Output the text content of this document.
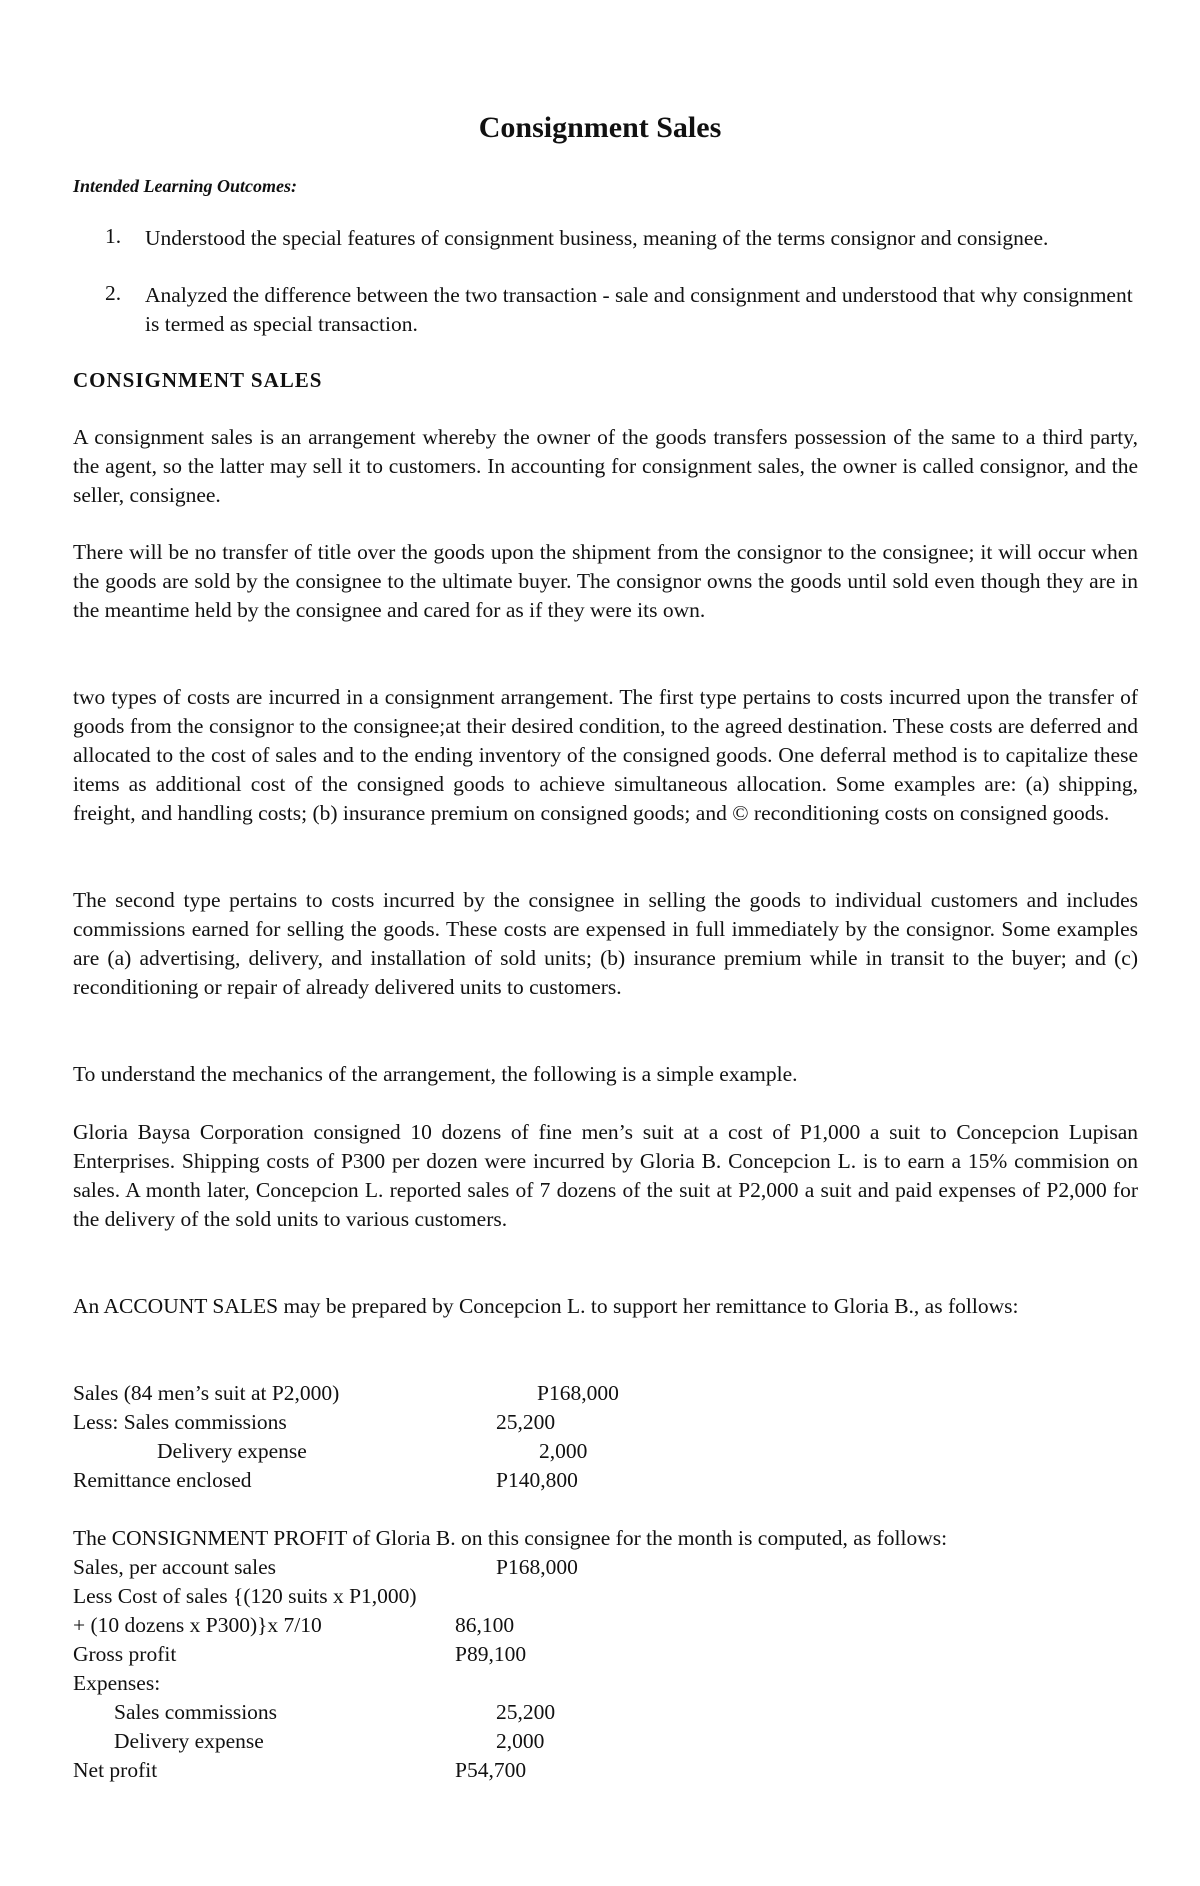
Consignment Sales

Intended Learning Outcomes:

1. Understood the special features of consignment business, meaning of the terms consignor and consignee.
2. Analyzed the difference between the two transaction - sale and consignment and understood that why consignment is termed as special transaction.

CONSIGNMENT SALES

A consignment sales is an arrangement whereby the owner of the goods transfers possession of the same to a third party, the agent, so the latter may sell it to customers. In accounting for consignment sales, the owner is called consignor, and the seller, consignee.

There will be no transfer of title over the goods upon the shipment from the consignor to the consignee; it will occur when the goods are sold by the consignee to the ultimate buyer. The consignor owns the goods until sold even though they are in the meantime held by the consignee and cared for as if they were its own.

two types of costs are incurred in a consignment arrangement. The first type pertains to costs incurred upon the transfer of goods from the consignor to the consignee;at their desired condition, to the agreed destination. These costs are deferred and allocated to the cost of sales and to the ending inventory of the consigned goods. One deferral method is to capitalize these items as additional cost of the consigned goods to achieve simultaneous allocation. Some examples are: (a) shipping, freight, and handling costs; (b) insurance premium on consigned goods; and © reconditioning costs on consigned goods.

The second type pertains to costs incurred by the consignee in selling the goods to individual customers and includes commissions earned for selling the goods. These costs are expensed in full immediately by the consignor. Some examples are (a) advertising, delivery, and installation of sold units; (b) insurance premium while in transit to the buyer; and (c) reconditioning or repair of already delivered units to customers.

To understand the mechanics of the arrangement, the following is a simple example.

Gloria Baysa Corporation consigned 10 dozens of fine men’s suit at a cost of P1,000 a suit to Concepcion Lupisan Enterprises. Shipping costs of P300 per dozen were incurred by Gloria B. Concepcion L. is to earn a 15% commision on sales. A month later, Concepcion L. reported sales of 7 dozens of the suit at P2,000 a suit and paid expenses of P2,000 for the delivery of the sold units to various customers.

An ACCOUNT SALES may be prepared by Concepcion L. to support her remittance to Gloria B., as follows:

Sales (84 men’s suit at P2,000)	P168,000
Less: Sales commissions	25,200
Delivery expense	2,000
Remittance enclosed	P140,800

The CONSIGNMENT PROFIT of Gloria B. on this consignee for the month is computed, as follows:

Sales, per account sales	P168,000
Less Cost of sales {(120 suits x P1,000)
+ (10 dozens x P300)}x 7/10	86,100
Gross profit	P89,100
Expenses:
Sales commissions	25,200
Delivery expense	2,000
Net profit	P54,700
